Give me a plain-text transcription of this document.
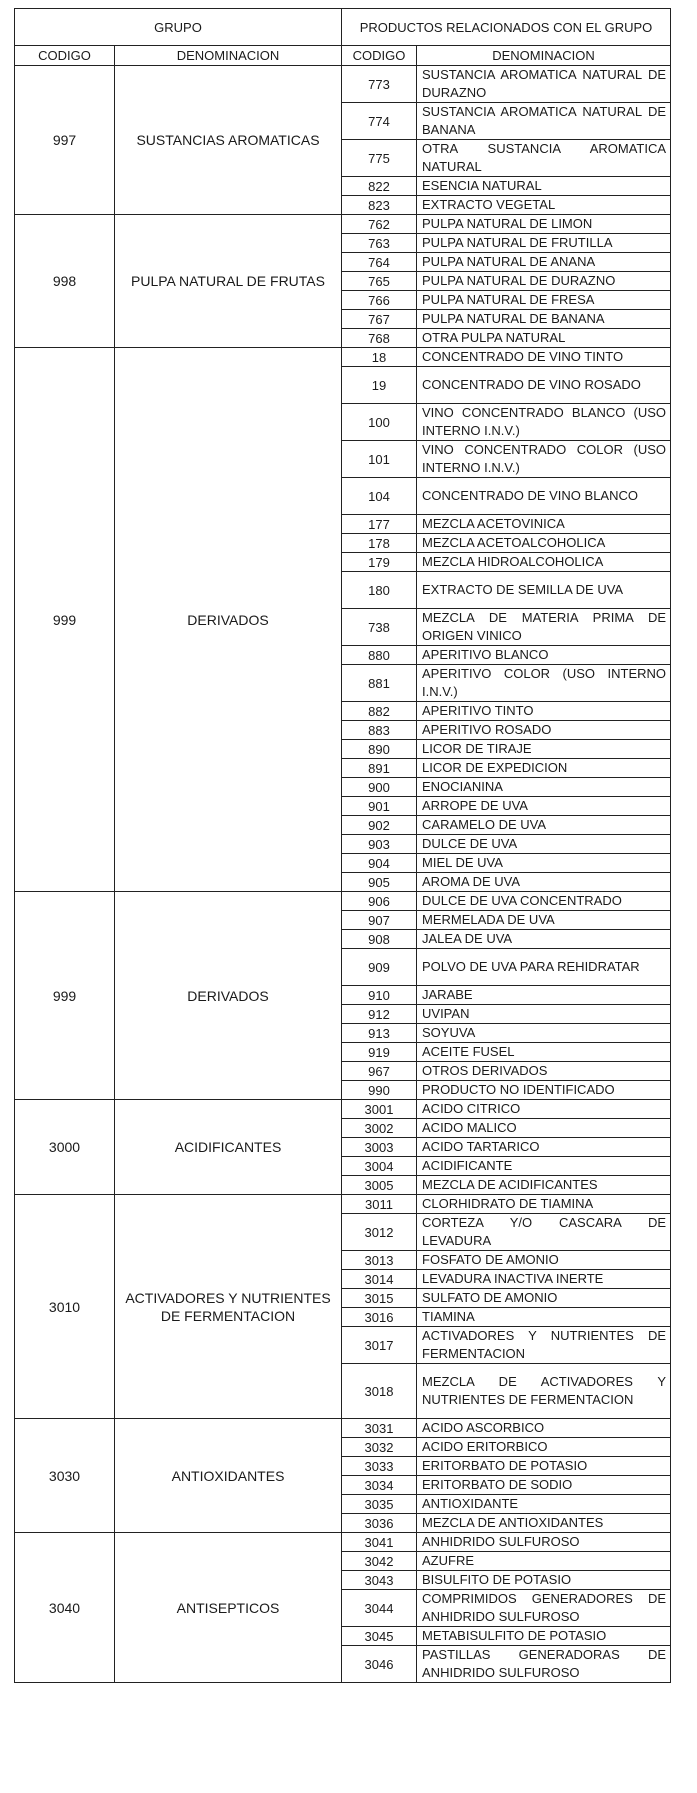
GRUPO		PRODUCTOS RELACIONADOS CON EL GRUPO	
CODIGO	DENOMINACION	CODIGO	DENOMINACION
997	SUSTANCIAS AROMATICAS	773	SUSTANCIA AROMATICA NATURAL DE DURAZNO
		774	SUSTANCIA AROMATICA NATURAL DE BANANA
		775	OTRA SUSTANCIA AROMATICA NATURAL
		822	ESENCIA NATURAL
		823	EXTRACTO VEGETAL
998	PULPA NATURAL DE FRUTAS	762	PULPA NATURAL DE LIMON
		763	PULPA NATURAL DE FRUTILLA
		764	PULPA NATURAL DE ANANA
		765	PULPA NATURAL DE DURAZNO
		766	PULPA NATURAL DE FRESA
		767	PULPA NATURAL DE BANANA
		768	OTRA PULPA NATURAL
999	DERIVADOS	18	CONCENTRADO DE VINO TINTO
		19	CONCENTRADO DE VINO ROSADO
		100	VINO CONCENTRADO BLANCO (USO INTERNO I.N.V.)
		101	VINO CONCENTRADO COLOR (USO INTERNO I.N.V.)
		104	CONCENTRADO DE VINO BLANCO
		177	MEZCLA ACETOVINICA
		178	MEZCLA ACETOALCOHOLICA
		179	MEZCLA HIDROALCOHOLICA
		180	EXTRACTO DE SEMILLA DE UVA
		738	MEZCLA DE MATERIA PRIMA DE ORIGEN VINICO
		880	APERITIVO BLANCO
		881	APERITIVO COLOR (USO INTERNO I.N.V.)
		882	APERITIVO TINTO
		883	APERITIVO ROSADO
		890	LICOR DE TIRAJE
		891	LICOR DE EXPEDICION
		900	ENOCIANINA
		901	ARROPE DE UVA
		902	CARAMELO DE UVA
		903	DULCE DE UVA
		904	MIEL DE UVA
		905	AROMA DE UVA
999	DERIVADOS	906	DULCE DE UVA CONCENTRADO
		907	MERMELADA DE UVA
		908	JALEA DE UVA
		909	POLVO DE UVA PARA REHIDRATAR
		910	JARABE
		912	UVIPAN
		913	SOYUVA
		919	ACEITE FUSEL
		967	OTROS DERIVADOS
		990	PRODUCTO NO IDENTIFICADO
3000	ACIDIFICANTES	3001	ACIDO CITRICO
		3002	ACIDO MALICO
		3003	ACIDO TARTARICO
		3004	ACIDIFICANTE
		3005	MEZCLA DE ACIDIFICANTES
3010	ACTIVADORES Y NUTRIENTES DE FERMENTACION	3011	CLORHIDRATO DE TIAMINA
		3012	CORTEZA Y/O CASCARA DE LEVADURA
		3013	FOSFATO DE AMONIO
		3014	LEVADURA INACTIVA INERTE
		3015	SULFATO DE AMONIO
		3016	TIAMINA
		3017	ACTIVADORES Y NUTRIENTES DE FERMENTACION
		3018	MEZCLA DE ACTIVADORES Y NUTRIENTES DE FERMENTACION
3030	ANTIOXIDANTES	3031	ACIDO ASCORBICO
		3032	ACIDO ERITORBICO
		3033	ERITORBATO DE POTASIO
		3034	ERITORBATO DE SODIO
		3035	ANTIOXIDANTE
		3036	MEZCLA DE ANTIOXIDANTES
3040	ANTISEPTICOS	3041	ANHIDRIDO SULFUROSO
		3042	AZUFRE
		3043	BISULFITO DE POTASIO
		3044	COMPRIMIDOS GENERADORES DE ANHIDRIDO SULFUROSO
		3045	METABISULFITO DE POTASIO
		3046	PASTILLAS GENERADORAS DE ANHIDRIDO SULFUROSO
